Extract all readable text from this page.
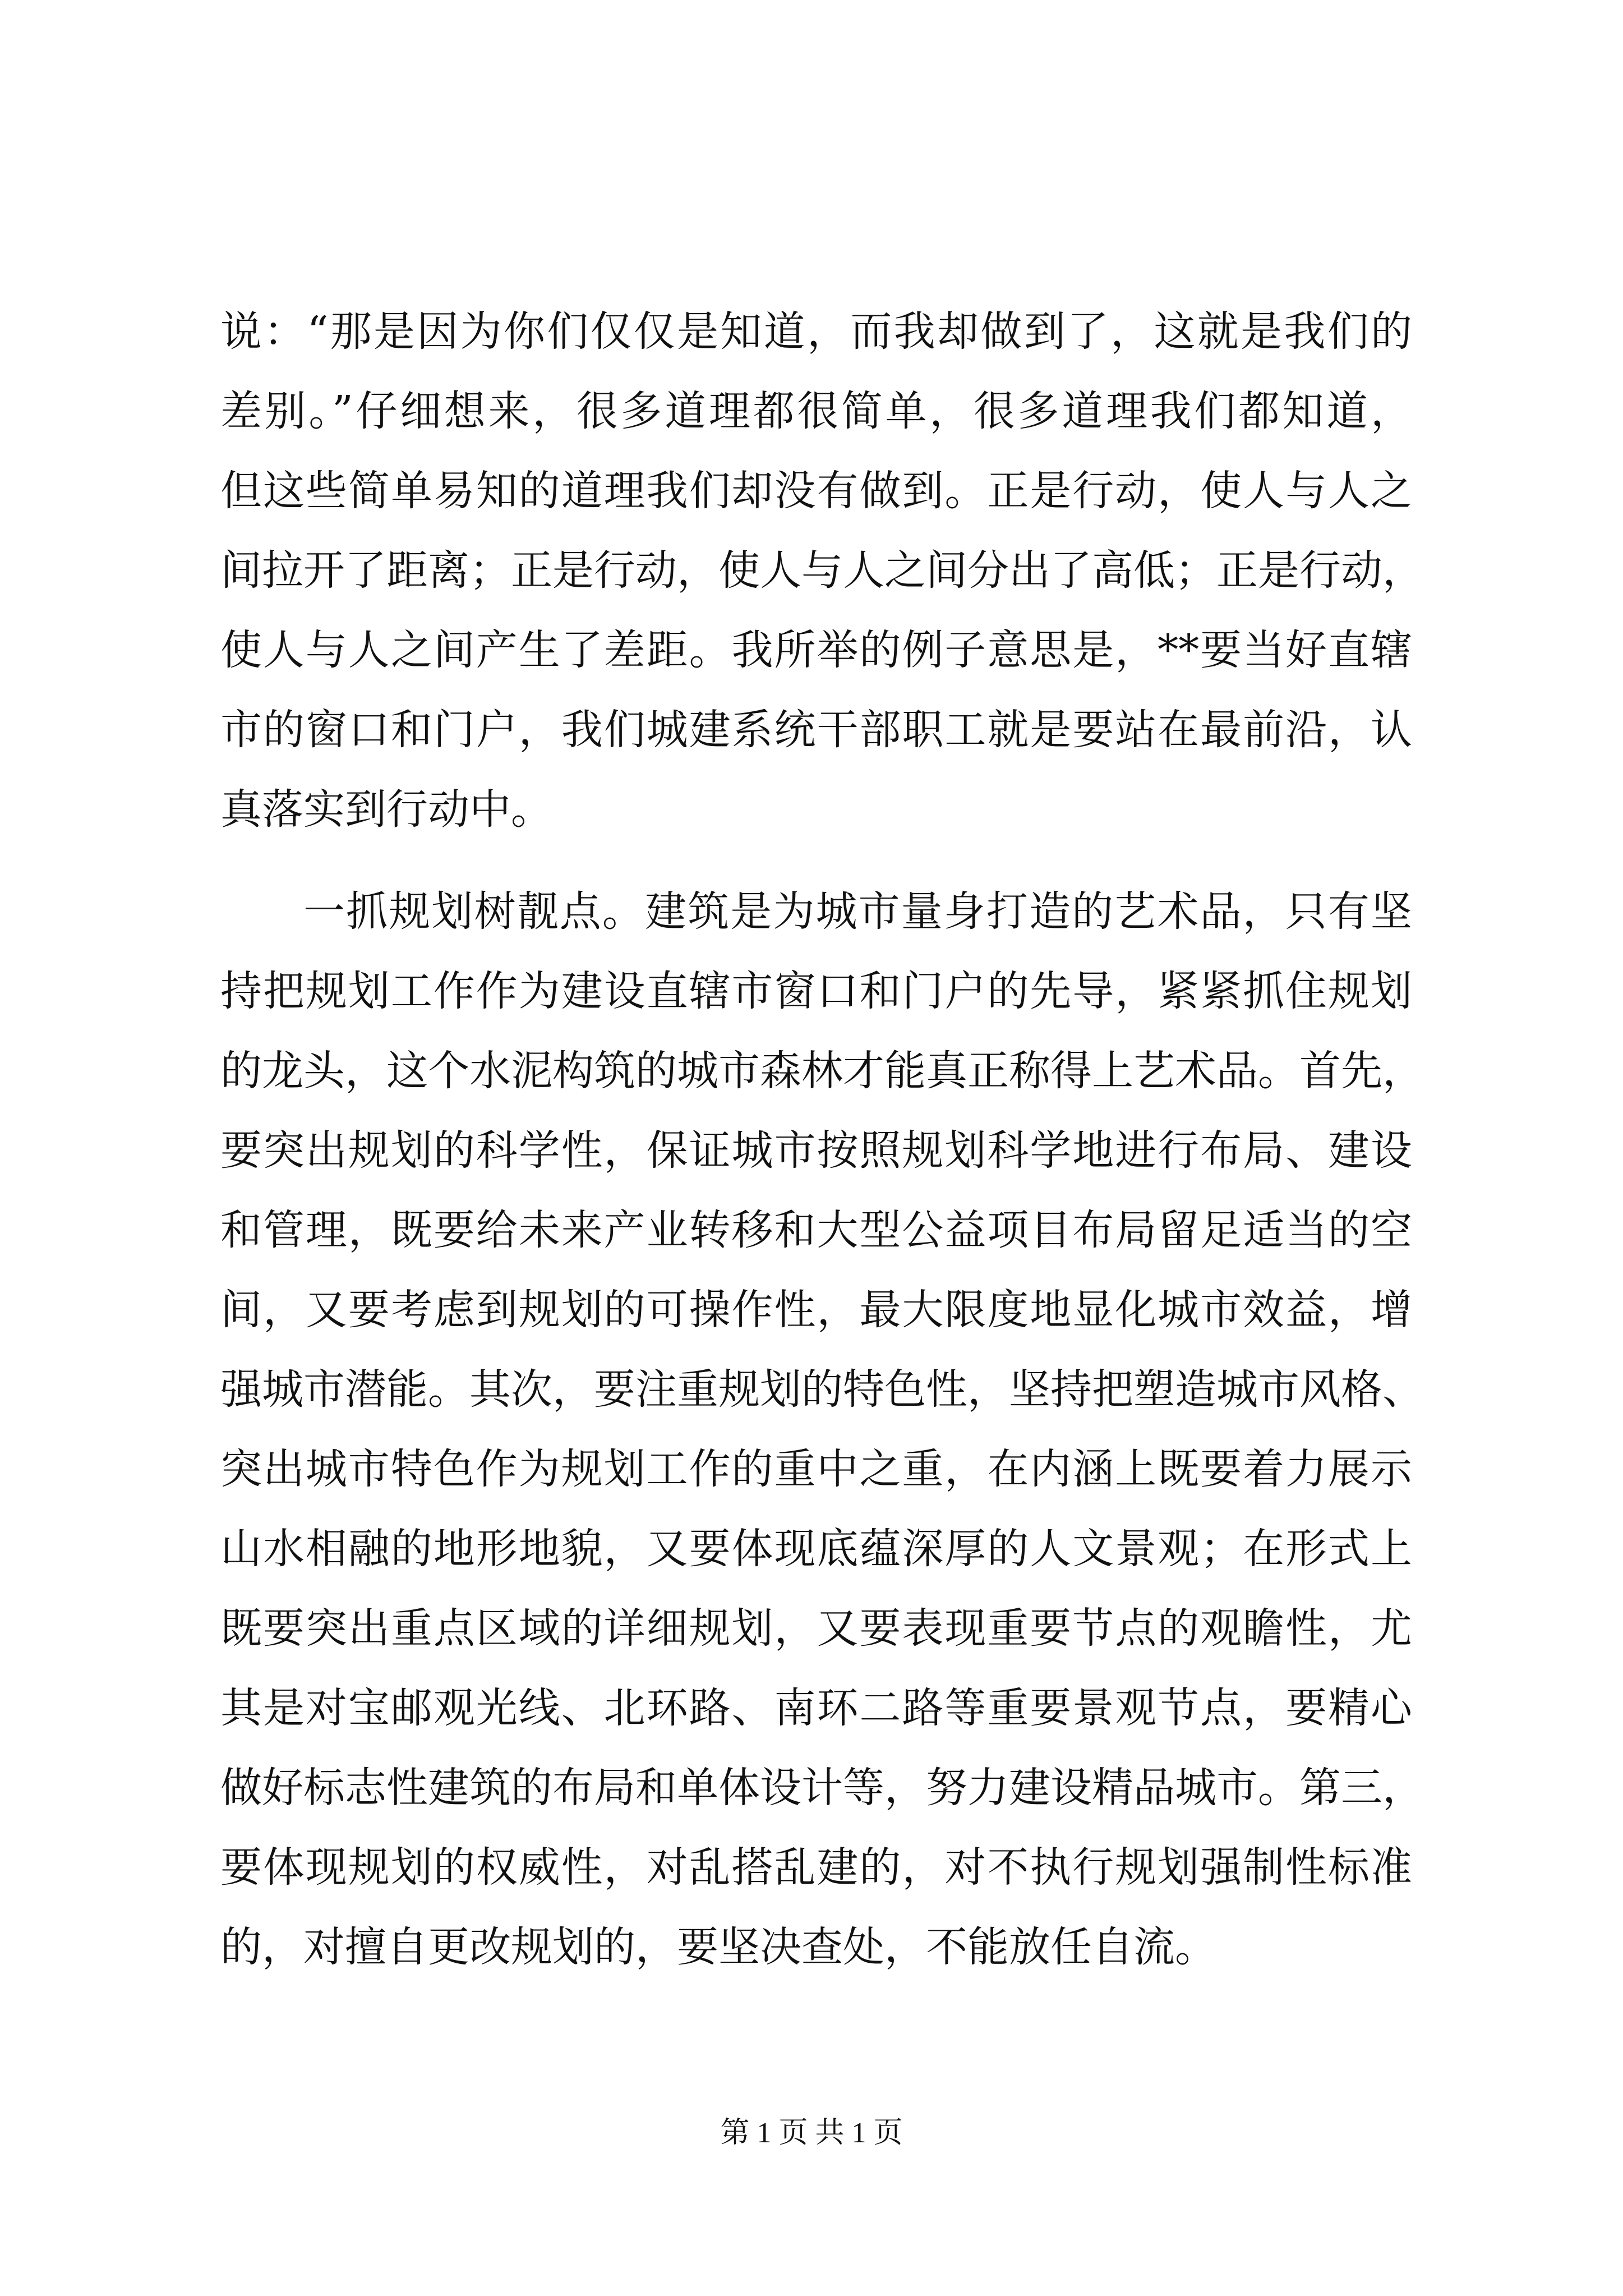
说：“那是因为你们仅仅是知道，而我却做到了，这就是我们的
差别。”仔细想来，很多道理都很简单，很多道理我们都知道，
但这些简单易知的道理我们却没有做到。正是行动，使人与人之
间拉开了距离；正是行动，使人与人之间分出了高低；正是行动，
使人与人之间产生了差距。我所举的例子意思是，**要当好直辖
市的窗口和门户，我们城建系统干部职工就是要站在最前沿，认
真落实到行动中。
一抓规划树靓点。建筑是为城市量身打造的艺术品，只有坚
持把规划工作作为建设直辖市窗口和门户的先导，紧紧抓住规划
的龙头，这个水泥构筑的城市森林才能真正称得上艺术品。首先，
要突出规划的科学性，保证城市按照规划科学地进行布局、建设
和管理，既要给未来产业转移和大型公益项目布局留足适当的空
间，又要考虑到规划的可操作性，最大限度地显化城市效益，增
强城市潜能。其次，要注重规划的特色性，坚持把塑造城市风格、
突出城市特色作为规划工作的重中之重，在内涵上既要着力展示
山水相融的地形地貌，又要体现底蕴深厚的人文景观；在形式上
既要突出重点区域的详细规划，又要表现重要节点的观瞻性，尤
其是对宝邮观光线、北环路、南环二路等重要景观节点，要精心
做好标志性建筑的布局和单体设计等，努力建设精品城市。第三，
要体现规划的权威性，对乱搭乱建的，对不执行规划强制性标准
的，对擅自更改规划的，要坚决查处，不能放任自流。
第 1 页 共 1 页
